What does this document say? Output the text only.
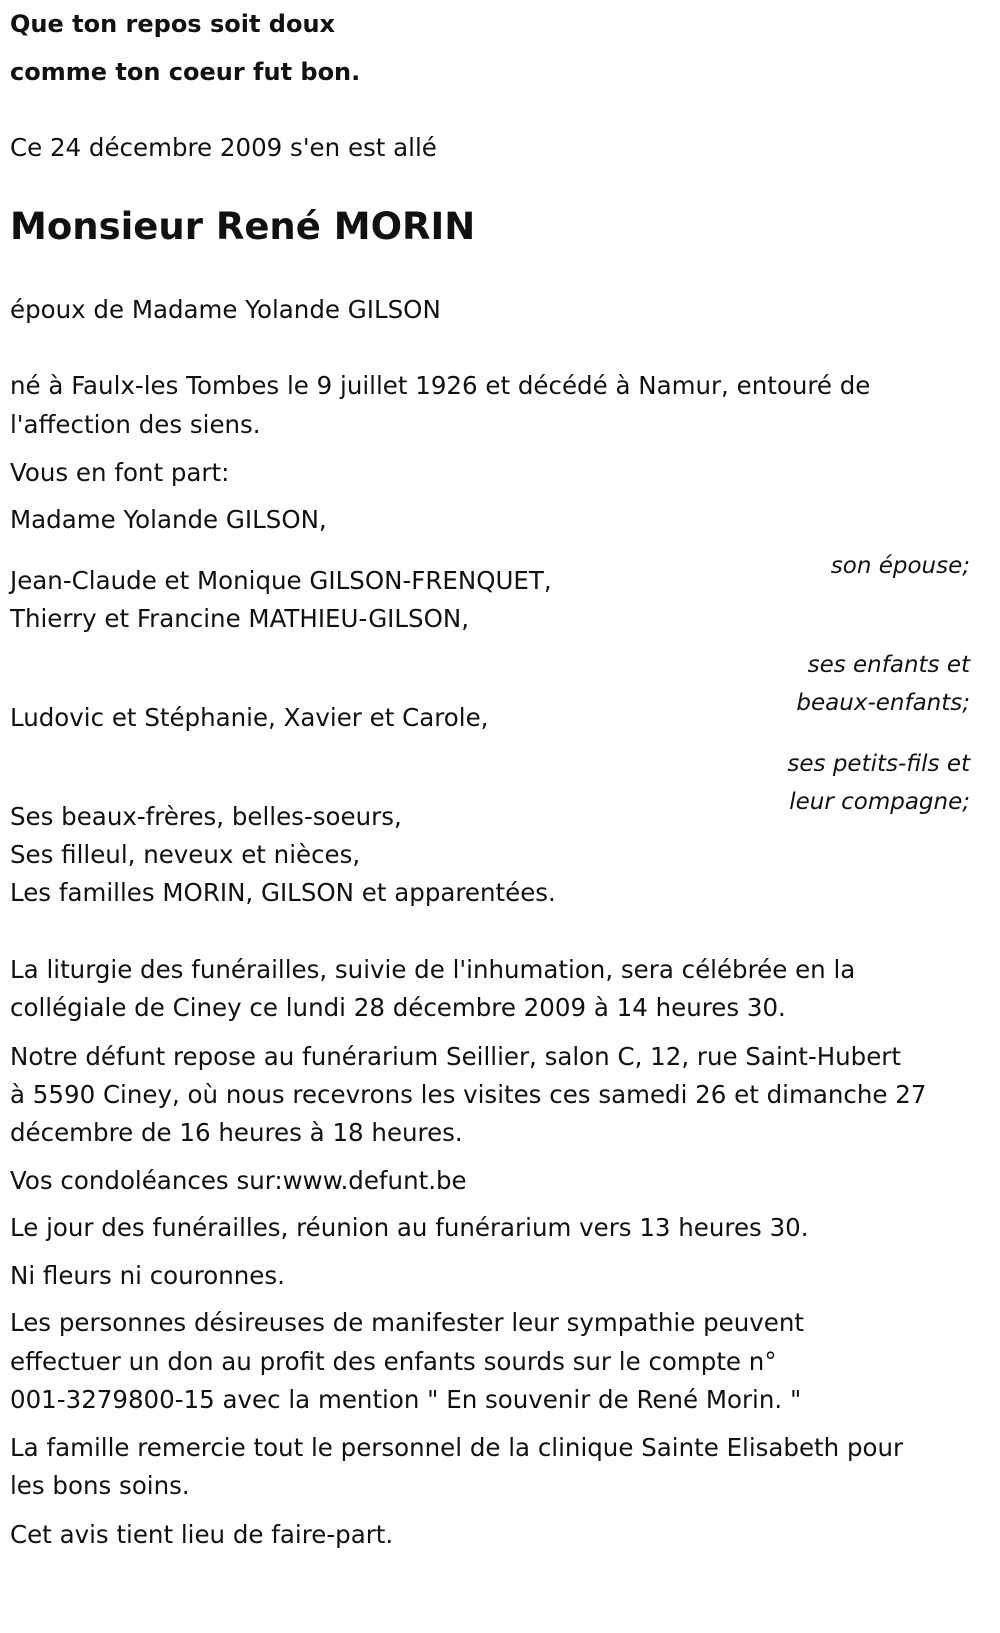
Que ton repos soit doux

comme ton coeur fut bon.

Ce 24 décembre 2009 s'en est allé

Monsieur René MORIN

époux de Madame Yolande GILSON

né à Faulx-les Tombes le 9 juillet 1926 et décédé à Namur, entouré de

l'affection des siens.

Vous en font part:

Madame Yolande GILSON,

son épouse;

Jean-Claude et Monique GILSON-FRENQUET,

Thierry et Francine MATHIEU-GILSON,

ses enfants et

beaux-enfants;

Ludovic et Stéphanie, Xavier et Carole,

ses petits-fils et

leur compagne;

Ses beaux-frères, belles-soeurs,

Ses filleul, neveux et nièces,

Les familles MORIN, GILSON et apparentées.

La liturgie des funérailles, suivie de l'inhumation, sera célébrée en la

collégiale de Ciney ce lundi 28 décembre 2009 à 14 heures 30.

Notre défunt repose au funérarium Seillier, salon C, 12, rue Saint-Hubert

à 5590 Ciney, où nous recevrons les visites ces samedi 26 et dimanche 27

décembre de 16 heures à 18 heures.

Vos condoléances sur:www.defunt.be

Le jour des funérailles, réunion au funérarium vers 13 heures 30.

Ni fleurs ni couronnes.

Les personnes désireuses de manifester leur sympathie peuvent

effectuer un don au profit des enfants sourds sur le compte n°

001-3279800-15 avec la mention " En souvenir de René Morin. "

La famille remercie tout le personnel de la clinique Sainte Elisabeth pour

les bons soins.

Cet avis tient lieu de faire-part.
